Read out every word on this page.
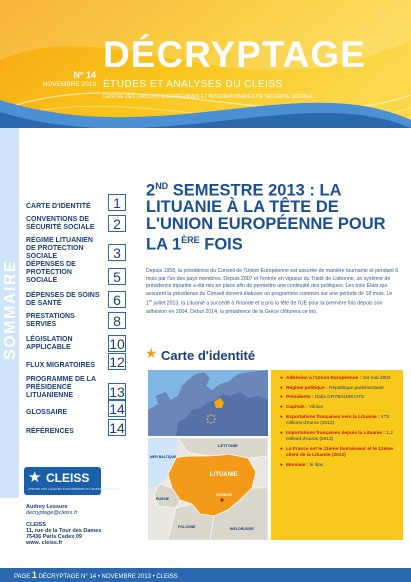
DÉCRYPTAGE
ÉTUDES ET ANALYSES DU CLEISS
CENTRE DES LIAISONS EUROPÉENNES ET INTERNATIONALES DE SÉCURITÉ SOCIALE
N° 14
NOVEMBRE 2013
SOMMAIRE
CARTE D'IDENTITÉ	1
CONVENTIONS DE SÉCURITÉ SOCIALE	2
RÉGIME LITUANIEN DE PROTECTION SOCIALE	3
DÉPENSES DE PROTECTION SOCIALE	5
DÉPENSES DE SOINS DE SANTÉ	6
PRESTATIONS SERVIES	8
LÉGISLATION APPLICABLE	10
FLUX MIGRATOIRES	12
PROGRAMME DE LA PRÉSIDENCE LITUANIENNE	13
GLOSSAIRE	14
RÉFÉRENCES	14
★ CLEISS
CENTRE DES LIAISONS EUROPÉENNES ET INTERNATIONALES
Audrey Lessure
decryptage@cleiss.fr
CLEISS
11, rue de la Tour des Dames
75436 Paris Cedex 09
www. cleiss.fr
2ND SEMESTRE 2013 : LA LITUANIE À LA TÊTE DE L'UNION EUROPÉENNE POUR LA 1ÈRE FOIS
Depuis 1958, la présidence du Conseil de l'Union Européenne est assurée de manière tournante et pendant 6 mois par l'un des pays membres. Depuis 2007 et l'entrée en vigueur du Traité de Lisbonne, un système de présidence tripartite a été mis en place afin de permettre une continuité des politiques. Les trois États qui assurent la présidence du Conseil doivent élaborer un programme commun sur une période de 18 mois. Le 1er juillet 2013, la Lituanie a succédé à l'Irlande et a pris la tête de l'UE pour la première fois depuis son adhésion en 2004. Début 2014, la présidence de la Grèce clôturera ce trio.
★ Carte d'identité
LITUANIE
VILNIUS
LETTONIE
MER BALTIQUE
RUSSIE
POLOGNE	BIELORUSSIE
● Adhésion à l'Union Européenne : 1er mai 2004
● Régime politique : République parlementaire
● Présidente : Dalia GRYBAUSKAITE
● Capitale : Vilnius
● Exportations françaises vers la Lituanie : 473 millions d'euros (2012)
● Importations françaises depuis la Lituanie : 1,2 milliard d'euros (2012)
● La France est le 11ème fournisseur et le 12ème client de la Lituanie (2012)
● Monnaie : le litas
PAGE 1 DÉCRYPTAGE N° 14 • NOVEMBRE 2013 • CLEISS
